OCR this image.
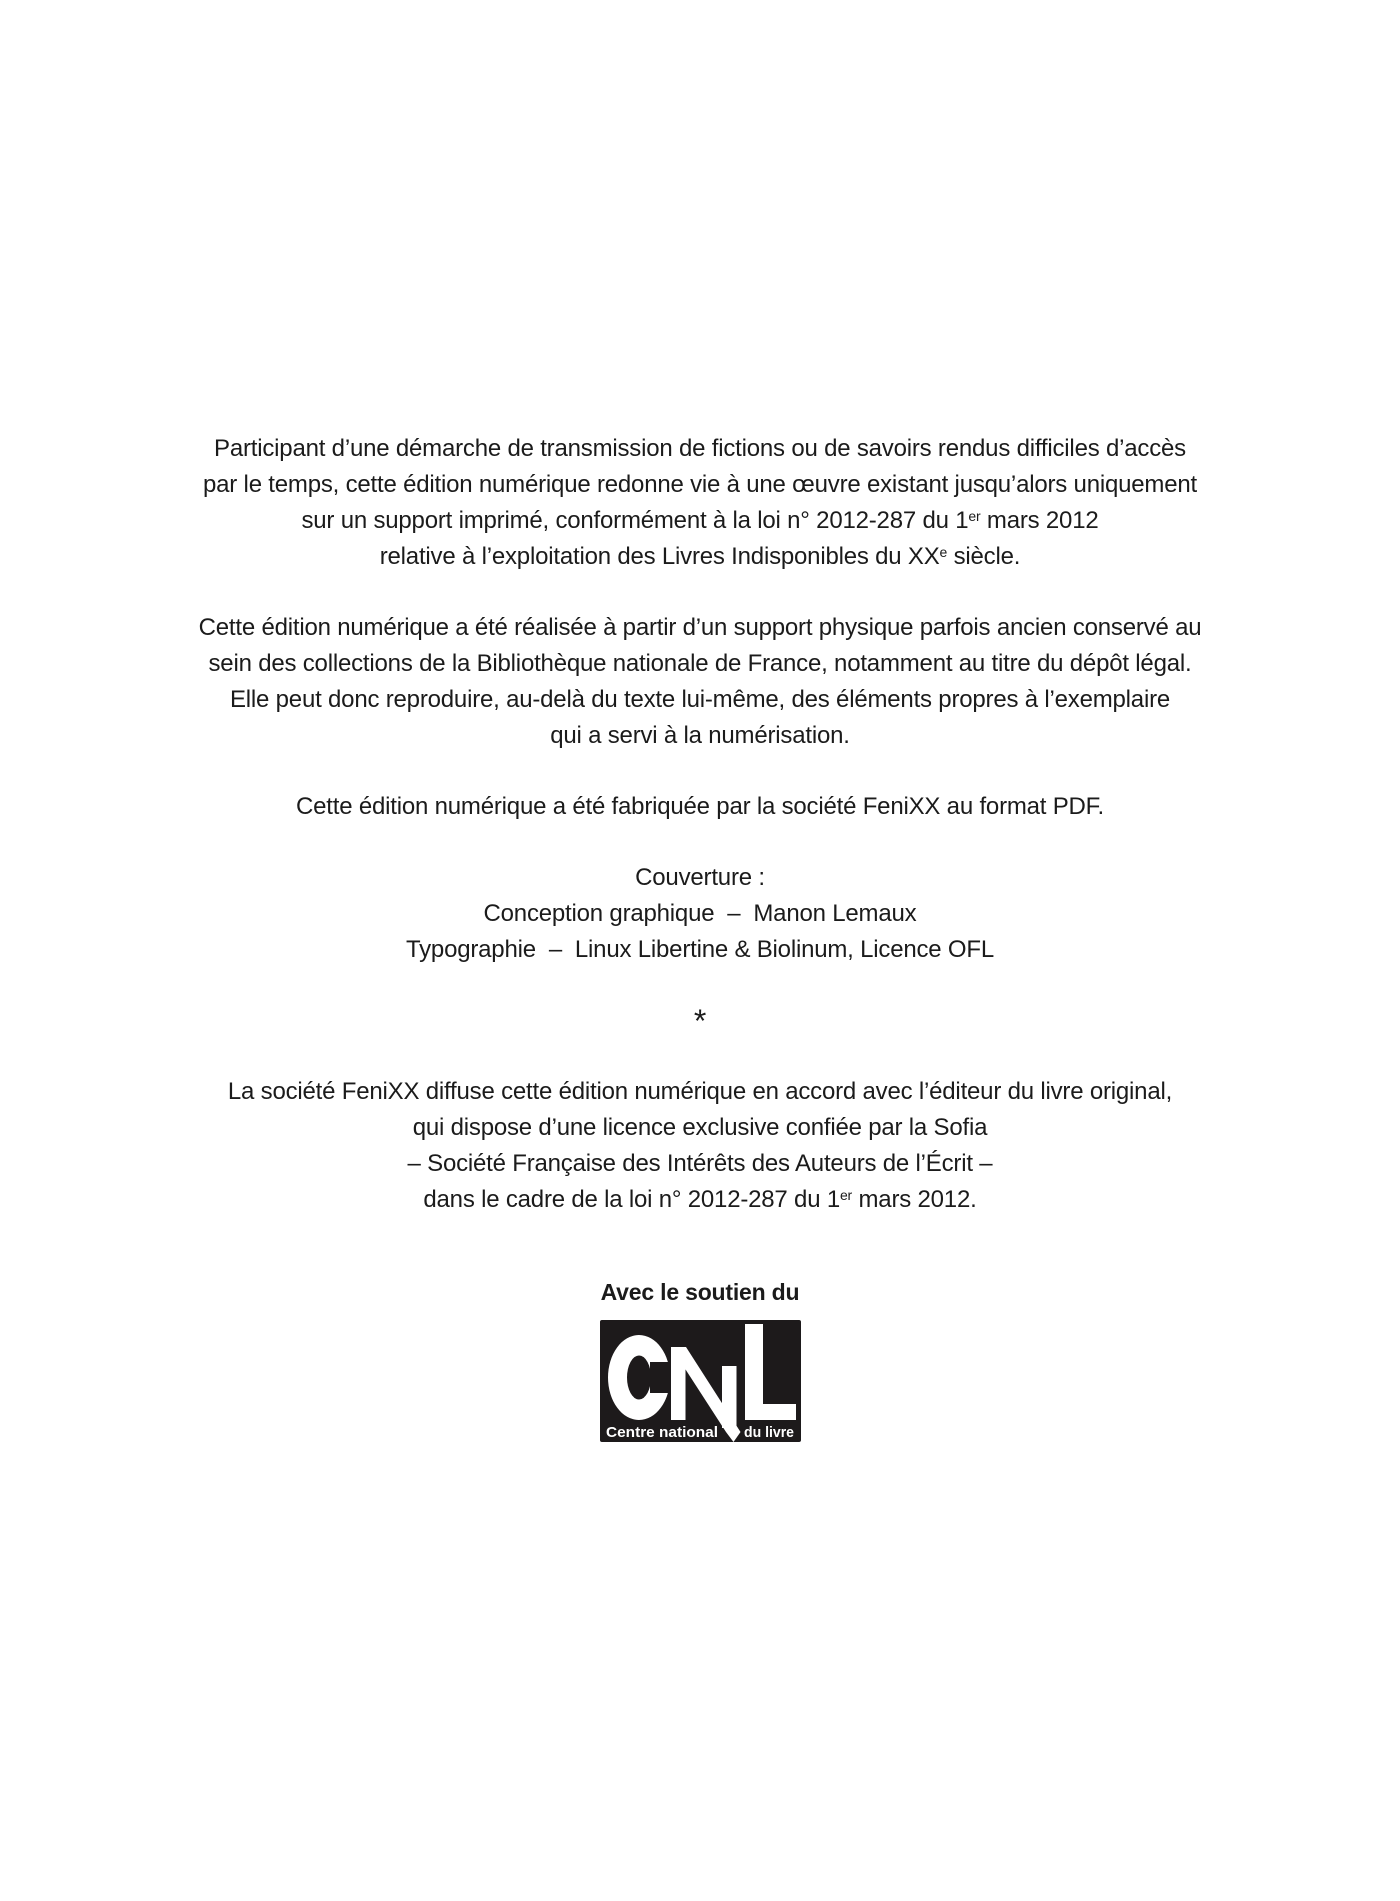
Participant d’une démarche de transmission de fictions ou de savoirs rendus difficiles d’accès
par le temps, cette édition numérique redonne vie à une œuvre existant jusqu’alors uniquement
sur un support imprimé, conformément à la loi n° 2012-287 du 1er mars 2012
relative à l’exploitation des Livres Indisponibles du XXe siècle.
Cette édition numérique a été réalisée à partir d’un support physique parfois ancien conservé au
sein des collections de la Bibliothèque nationale de France, notamment au titre du dépôt légal.
Elle peut donc reproduire, au-delà du texte lui-même, des éléments propres à l’exemplaire
qui a servi à la numérisation.
Cette édition numérique a été fabriquée par la société FeniXX au format PDF.
Couverture :
Conception graphique  –  Manon Lemaux
Typographie  –  Linux Libertine & Biolinum, Licence OFL
*
La société FeniXX diffuse cette édition numérique en accord avec l’éditeur du livre original,
qui dispose d’une licence exclusive confiée par la Sofia
– Société Française des Intérêts des Auteurs de l’Écrit –
dans le cadre de la loi n° 2012-287 du 1er mars 2012.
Avec le soutien du
Centre national du livre
